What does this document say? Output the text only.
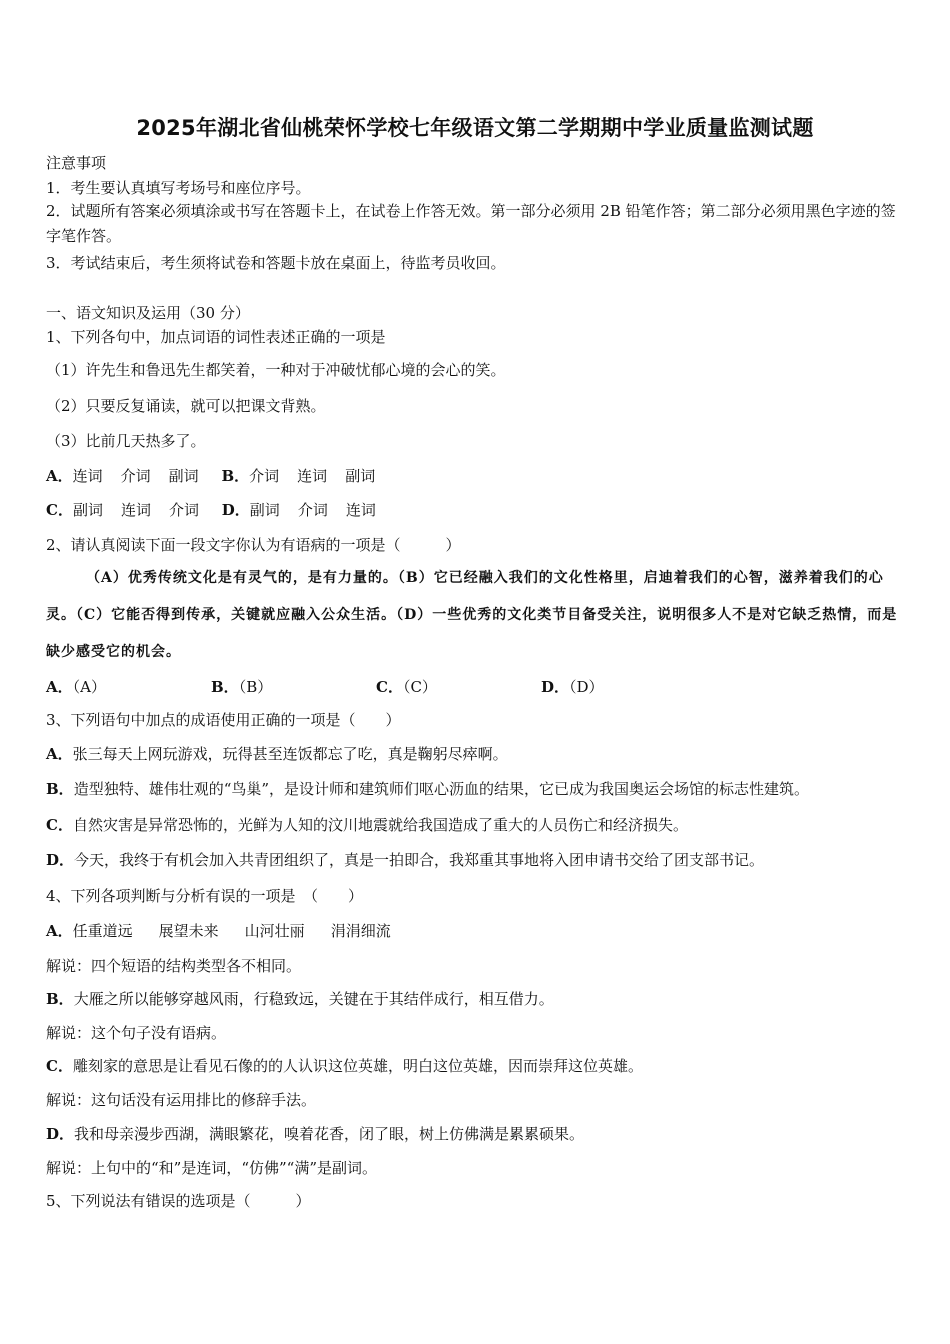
2025年湖北省仙桃荣怀学校七年级语文第二学期期中学业质量监测试题
注意事项
1．考生要认真填写考场号和座位序号。
2．试题所有答案必须填涂或书写在答题卡上，在试卷上作答无效。第一部分必须用 2B 铅笔作答；第二部分必须用黑色字迹的签字笔作答。
3．考试结束后，考生须将试卷和答题卡放在桌面上，待监考员收回。
一、语文知识及运用（30 分）
1、下列各句中，加点词语的词性表述正确的一项是
（1）许先生和鲁迅先生都笑着，一种对于冲破忧郁心境的会心的笑。
（2）只要反复诵读，就可以把课文背熟。
（3）比前几天热多了。
A．连词 介词 副词 B．介词 连词 副词
C．副词 连词 介词 D．副词 介词 连词
2、请认真阅读下面一段文字你认为有语病的一项是（　　　）
（A）优秀传统文化是有灵气的，是有力量的。（B）它已经融入我们的文化性格里，启迪着我们的心智，滋养着我们的心灵。（C）它能否得到传承，关键就应融入公众生活。（D）一些优秀的文化类节目备受关注，说明很多人不是对它缺乏热情，而是缺少感受它的机会。
A．（A）	B．（B）	C．（C）	D．（D）
3、下列语句中加点的成语使用正确的一项是（　　）
A．张三每天上网玩游戏，玩得甚至连饭都忘了吃，真是鞠躬尽瘁啊。
B．造型独特、雄伟壮观的“鸟巢”，是设计师和建筑师们呕心沥血的结果，它已成为我国奥运会场馆的标志性建筑。
C．自然灾害是异常恐怖的，光鲜为人知的汶川地震就给我国造成了重大的人员伤亡和经济损失。
D．今天，我终于有机会加入共青团组织了，真是一拍即合，我郑重其事地将入团申请书交给了团支部书记。
4、下列各项判断与分析有误的一项是　（　　）
A．任重道远 展望未来 山河壮丽 涓涓细流
解说：四个短语的结构类型各不相同。
B．大雁之所以能够穿越风雨，行稳致远，关键在于其结伴成行，相互借力。
解说：这个句子没有语病。
C．雕刻家的意思是让看见石像的的人认识这位英雄，明白这位英雄，因而崇拜这位英雄。
解说：这句话没有运用排比的修辞手法。
D．我和母亲漫步西湖，满眼繁花，嗅着花香，闭了眼，树上仿佛满是累累硕果。
解说：上句中的“和”是连词，“仿佛”“满”是副词。
5、下列说法有错误的选项是（　　　）
